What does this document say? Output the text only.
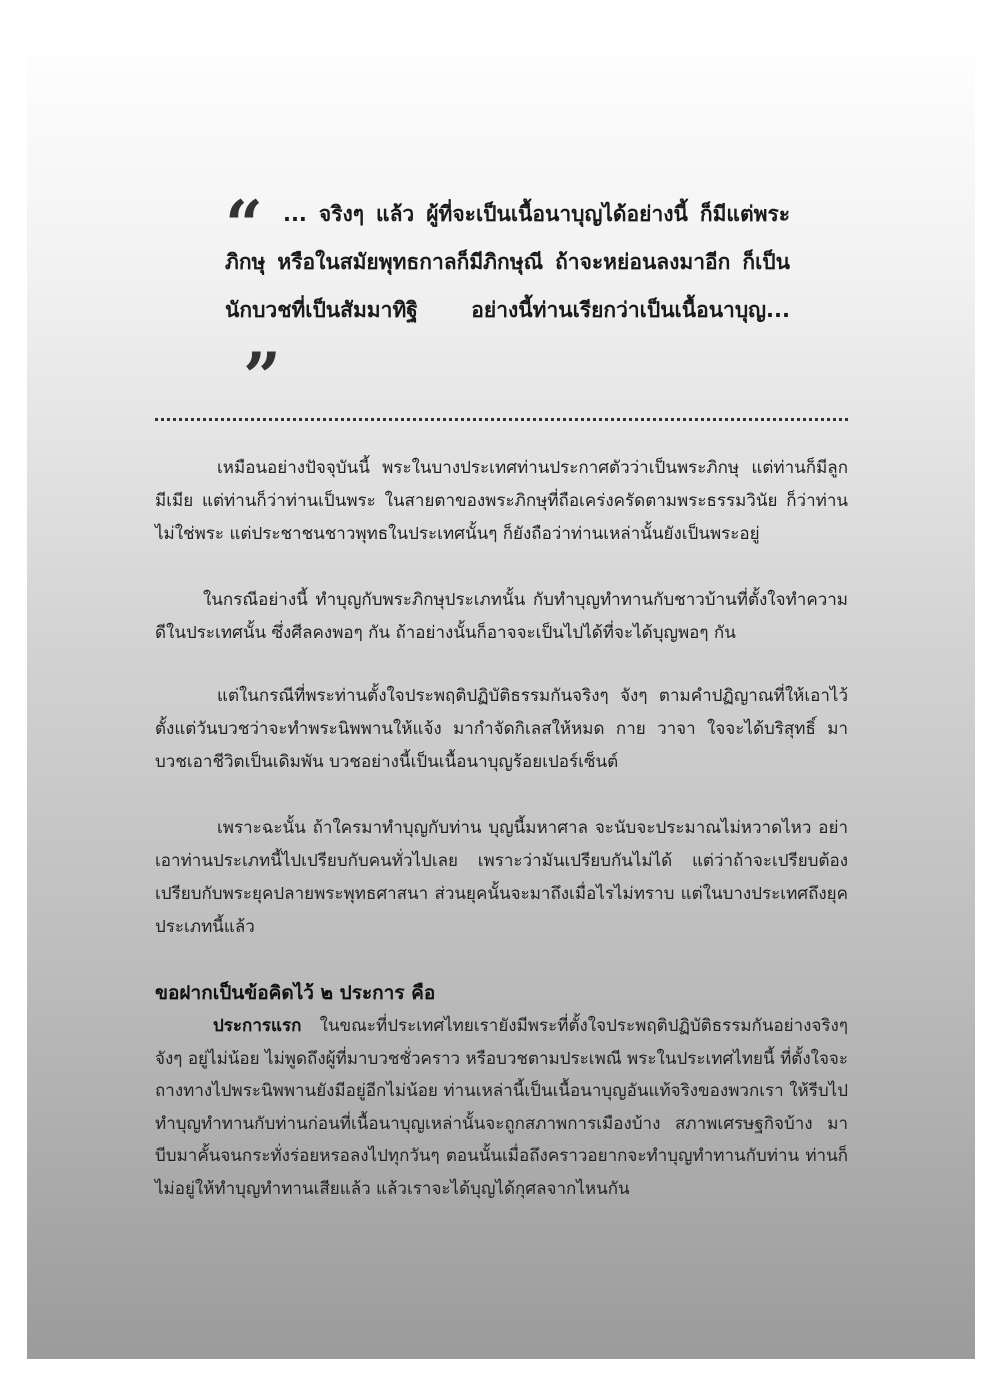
“ ... จริงๆ แล้ว ผู้ที่จะเป็นเนื้อนาบุญได้อย่างนี้ ก็มีแต่พระภิกษุ หรือในสมัยพุทธกาลก็มีภิกษุณี ถ้าจะหย่อนลงมาอีก ก็เป็นนักบวชที่เป็นสัมมาทิฐิ อย่างนี้ท่านเรียกว่าเป็นเนื้อนาบุญ...”

เหมือนอย่างปัจจุบันนี้ พระในบางประเทศท่านประกาศตัวว่าเป็นพระภิกษุ แต่ท่านก็มีลูก มีเมีย แต่ท่านก็ว่าท่านเป็นพระ ในสายตาของพระภิกษุที่ถือเคร่งครัดตามพระธรรมวินัย ก็ว่าท่านไม่ใช่พระ แต่ประชาชนชาวพุทธในประเทศนั้นๆ ก็ยังถือว่าท่านเหล่านั้นยังเป็นพระอยู่

ในกรณีอย่างนี้ ทำบุญกับพระภิกษุประเภทนั้น กับทำบุญทำทานกับชาวบ้านที่ตั้งใจทำความดีในประเทศนั้น ซึ่งศีลคงพอๆ กัน ถ้าอย่างนั้นก็อาจจะเป็นไปได้ที่จะได้บุญพอๆ กัน

แต่ในกรณีที่พระท่านตั้งใจประพฤติปฏิบัติธรรมกันจริงๆ จังๆ ตามคำปฏิญาณที่ให้เอาไว้ตั้งแต่วันบวชว่าจะทำพระนิพพานให้แจ้ง มากำจัดกิเลสให้หมด กาย วาจา ใจจะได้บริสุทธิ์ มาบวชเอาชีวิตเป็นเดิมพัน บวชอย่างนี้เป็นเนื้อนาบุญร้อยเปอร์เซ็นต์

เพราะฉะนั้น ถ้าใครมาทำบุญกับท่าน บุญนี้มหาศาล จะนับจะประมาณไม่หวาดไหว อย่าเอาท่านประเภทนี้ไปเปรียบกับคนทั่วไปเลย เพราะว่ามันเปรียบกันไม่ได้ แต่ว่าถ้าจะเปรียบต้องเปรียบกับพระยุคปลายพระพุทธศาสนา ส่วนยุคนั้นจะมาถึงเมื่อไรไม่ทราบ แต่ในบางประเทศถึงยุคประเภทนี้แล้ว

ขอฝากเป็นข้อคิดไว้ ๒ ประการ คือ

ประการแรก ในขณะที่ประเทศไทยเรายังมีพระที่ตั้งใจประพฤติปฏิบัติธรรมกันอย่างจริงๆ จังๆ อยู่ไม่น้อย ไม่พูดถึงผู้ที่มาบวชชั่วคราว หรือบวชตามประเพณี พระในประเทศไทยนี้ ที่ตั้งใจจะถางทางไปพระนิพพานยังมีอยู่อีกไม่น้อย ท่านเหล่านี้เป็นเนื้อนาบุญอันแท้จริงของพวกเรา ให้รีบไปทำบุญทำทานกับท่านก่อนที่เนื้อนาบุญเหล่านั้นจะถูกสภาพการเมืองบ้าง สภาพเศรษฐกิจบ้าง มาบีบมาคั้นจนกระทั่งร่อยหรอลงไปทุกวันๆ ตอนนั้นเมื่อถึงคราวอยากจะทำบุญทำทานกับท่าน ท่านก็ไม่อยู่ให้ทำบุญทำทานเสียแล้ว แล้วเราจะได้บุญได้กุศลจากไหนกัน
